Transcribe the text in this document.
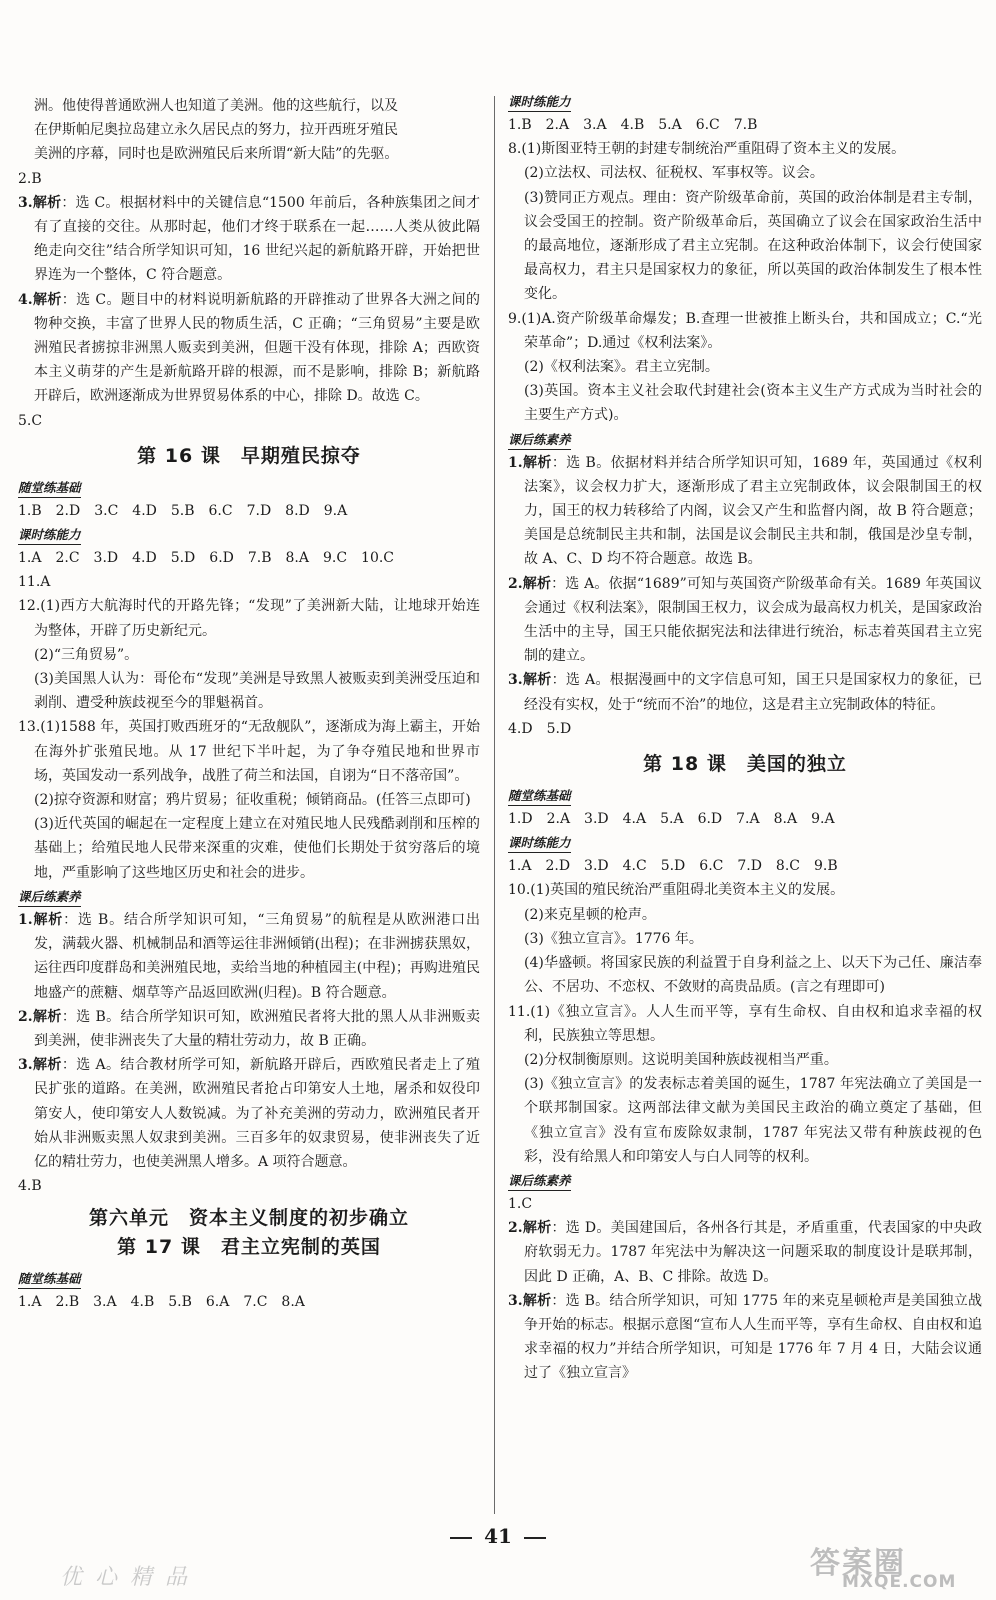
洲。他使得普通欧洲人也知道了美洲。他的这些航行，以及

在伊斯帕尼奥拉岛建立永久居民点的努力，拉开西班牙殖民

美洲的序幕，同时也是欧洲殖民后来所谓“新大陆”的先驱。

2.B

3.解析：选 C。根据材料中的关键信息“1500 年前后，各种族集团之间才有了直接的交往。从那时起，他们才终于联系在一起……人类从彼此隔绝走向交往”结合所学知识可知，16 世纪兴起的新航路开辟，开始把世界连为一个整体，C 符合题意。

4.解析：选 C。题目中的材料说明新航路的开辟推动了世界各大洲之间的物种交换，丰富了世界人民的物质生活，C 正确；“三角贸易”主要是欧洲殖民者掳掠非洲黑人贩卖到美洲，但题干没有体现，排除 A；西欧资本主义萌芽的产生是新航路开辟的根源，而不是影响，排除 B；新航路开辟后，欧洲逐渐成为世界贸易体系的中心，排除 D。故选 C。

5.C

第 16 课　早期殖民掠夺
随堂练基础

1.B　2.D　3.C　4.D　5.B　6.C　7.D　8.D　9.A

课时练能力

1.A　2.C　3.D　4.D　5.D　6.D　7.B　8.A　9.C　10.C

11.A

12.(1)西方大航海时代的开路先锋；“发现”了美洲新大陆，让地球开始连为整体，开辟了历史新纪元。

(2)“三角贸易”。

(3)美国黑人认为：哥伦布“发现”美洲是导致黑人被贩卖到美洲受压迫和剥削、遭受种族歧视至今的罪魁祸首。

13.(1)1588 年，英国打败西班牙的“无敌舰队”，逐渐成为海上霸主，开始在海外扩张殖民地。从 17 世纪下半叶起，为了争夺殖民地和世界市场，英国发动一系列战争，战胜了荷兰和法国，自诩为“日不落帝国”。

(2)掠夺资源和财富；鸦片贸易；征收重税；倾销商品。(任答三点即可)

(3)近代英国的崛起在一定程度上建立在对殖民地人民残酷剥削和压榨的基础上；给殖民地人民带来深重的灾难，使他们长期处于贫穷落后的境地，严重影响了这些地区历史和社会的进步。

课后练素养

1.解析：选 B。结合所学知识可知，“三角贸易”的航程是从欧洲港口出发，满载火器、机械制品和酒等运往非洲倾销(出程)；在非洲掳获黑奴，运往西印度群岛和美洲殖民地，卖给当地的种植园主(中程)；再购进殖民地盛产的蔗糖、烟草等产品返回欧洲(归程)。B 符合题意。

2.解析：选 B。结合所学知识可知，欧洲殖民者将大批的黑人从非洲贩卖到美洲，使非洲丧失了大量的精壮劳动力，故 B 正确。

3.解析：选 A。结合教材所学可知，新航路开辟后，西欧殖民者走上了殖民扩张的道路。在美洲，欧洲殖民者抢占印第安人土地，屠杀和奴役印第安人，使印第安人人数锐减。为了补充美洲的劳动力，欧洲殖民者开始从非洲贩卖黑人奴隶到美洲。三百多年的奴隶贸易，使非洲丧失了近亿的精壮劳力，也使美洲黑人增多。A 项符合题意。

4.B

第六单元　资本主义制度的初步确立
第 17 课　君主立宪制的英国
随堂练基础

1.A　2.B　3.A　4.B　5.B　6.A　7.C　8.A

课时练能力

1.B　2.A　3.A　4.B　5.A　6.C　7.B

8.(1)斯图亚特王朝的封建专制统治严重阻碍了资本主义的发展。

(2)立法权、司法权、征税权、军事权等。议会。

(3)赞同正方观点。理由：资产阶级革命前，英国的政治体制是君主专制，议会受国王的控制。资产阶级革命后，英国确立了议会在国家政治生活中的最高地位，逐渐形成了君主立宪制。在这种政治体制下，议会行使国家最高权力，君主只是国家权力的象征，所以英国的政治体制发生了根本性变化。

9.(1)A.资产阶级革命爆发；B.查理一世被推上断头台，共和国成立；C.“光荣革命”；D.通过《权利法案》。

(2)《权利法案》。君主立宪制。

(3)英国。资本主义社会取代封建社会(资本主义生产方式成为当时社会的主要生产方式)。

课后练素养

1.解析：选 B。依据材料并结合所学知识可知，1689 年，英国通过《权利法案》，议会权力扩大，逐渐形成了君主立宪制政体，议会限制国王的权力，国王的权力转移给了内阁，议会又产生和监督内阁，故 B 符合题意；美国是总统制民主共和制，法国是议会制民主共和制，俄国是沙皇专制，故 A、C、D 均不符合题意。故选 B。

2.解析：选 A。依据“1689”可知与英国资产阶级革命有关。1689 年英国议会通过《权利法案》，限制国王权力，议会成为最高权力机关，是国家政治生活中的主导，国王只能依据宪法和法律进行统治，标志着英国君主立宪制的建立。

3.解析：选 A。根据漫画中的文字信息可知，国王只是国家权力的象征，已经没有实权，处于“统而不治”的地位，这是君主立宪制政体的特征。

4.D　5.D

第 18 课　美国的独立
随堂练基础

1.D　2.A　3.D　4.A　5.A　6.D　7.A　8.A　9.A

课时练能力

1.A　2.D　3.D　4.C　5.D　6.C　7.D　8.C　9.B

10.(1)英国的殖民统治严重阻碍北美资本主义的发展。

(2)来克星顿的枪声。

(3)《独立宣言》。1776 年。

(4)华盛顿。将国家民族的利益置于自身利益之上、以天下为己任、廉洁奉公、不居功、不恋权、不敛财的高贵品质。(言之有理即可)

11.(1)《独立宣言》。人人生而平等，享有生命权、自由权和追求幸福的权利，民族独立等思想。

(2)分权制衡原则。这说明美国种族歧视相当严重。

(3)《独立宣言》的发表标志着美国的诞生，1787 年宪法确立了美国是一个联邦制国家。这两部法律文献为美国民主政治的确立奠定了基础，但《独立宣言》没有宣布废除奴隶制，1787 年宪法又带有种族歧视的色彩，没有给黑人和印第安人与白人同等的权利。

课后练素养

1.C

2.解析：选 D。美国建国后，各州各行其是，矛盾重重，代表国家的中央政府软弱无力。1787 年宪法中为解决这一问题采取的制度设计是联邦制，因此 D 正确，A、B、C 排除。故选 D。

3.解析：选 B。结合所学知识，可知 1775 年的来克星顿枪声是美国独立战争开始的标志。根据示意图“宣布人人生而平等，享有生命权、自由权和追求幸福的权力”并结合所学知识，可知是 1776 年 7 月 4 日，大陆会议通过了《独立宣言》

41
优 心 精 品	答案圈
MXQE.COM
